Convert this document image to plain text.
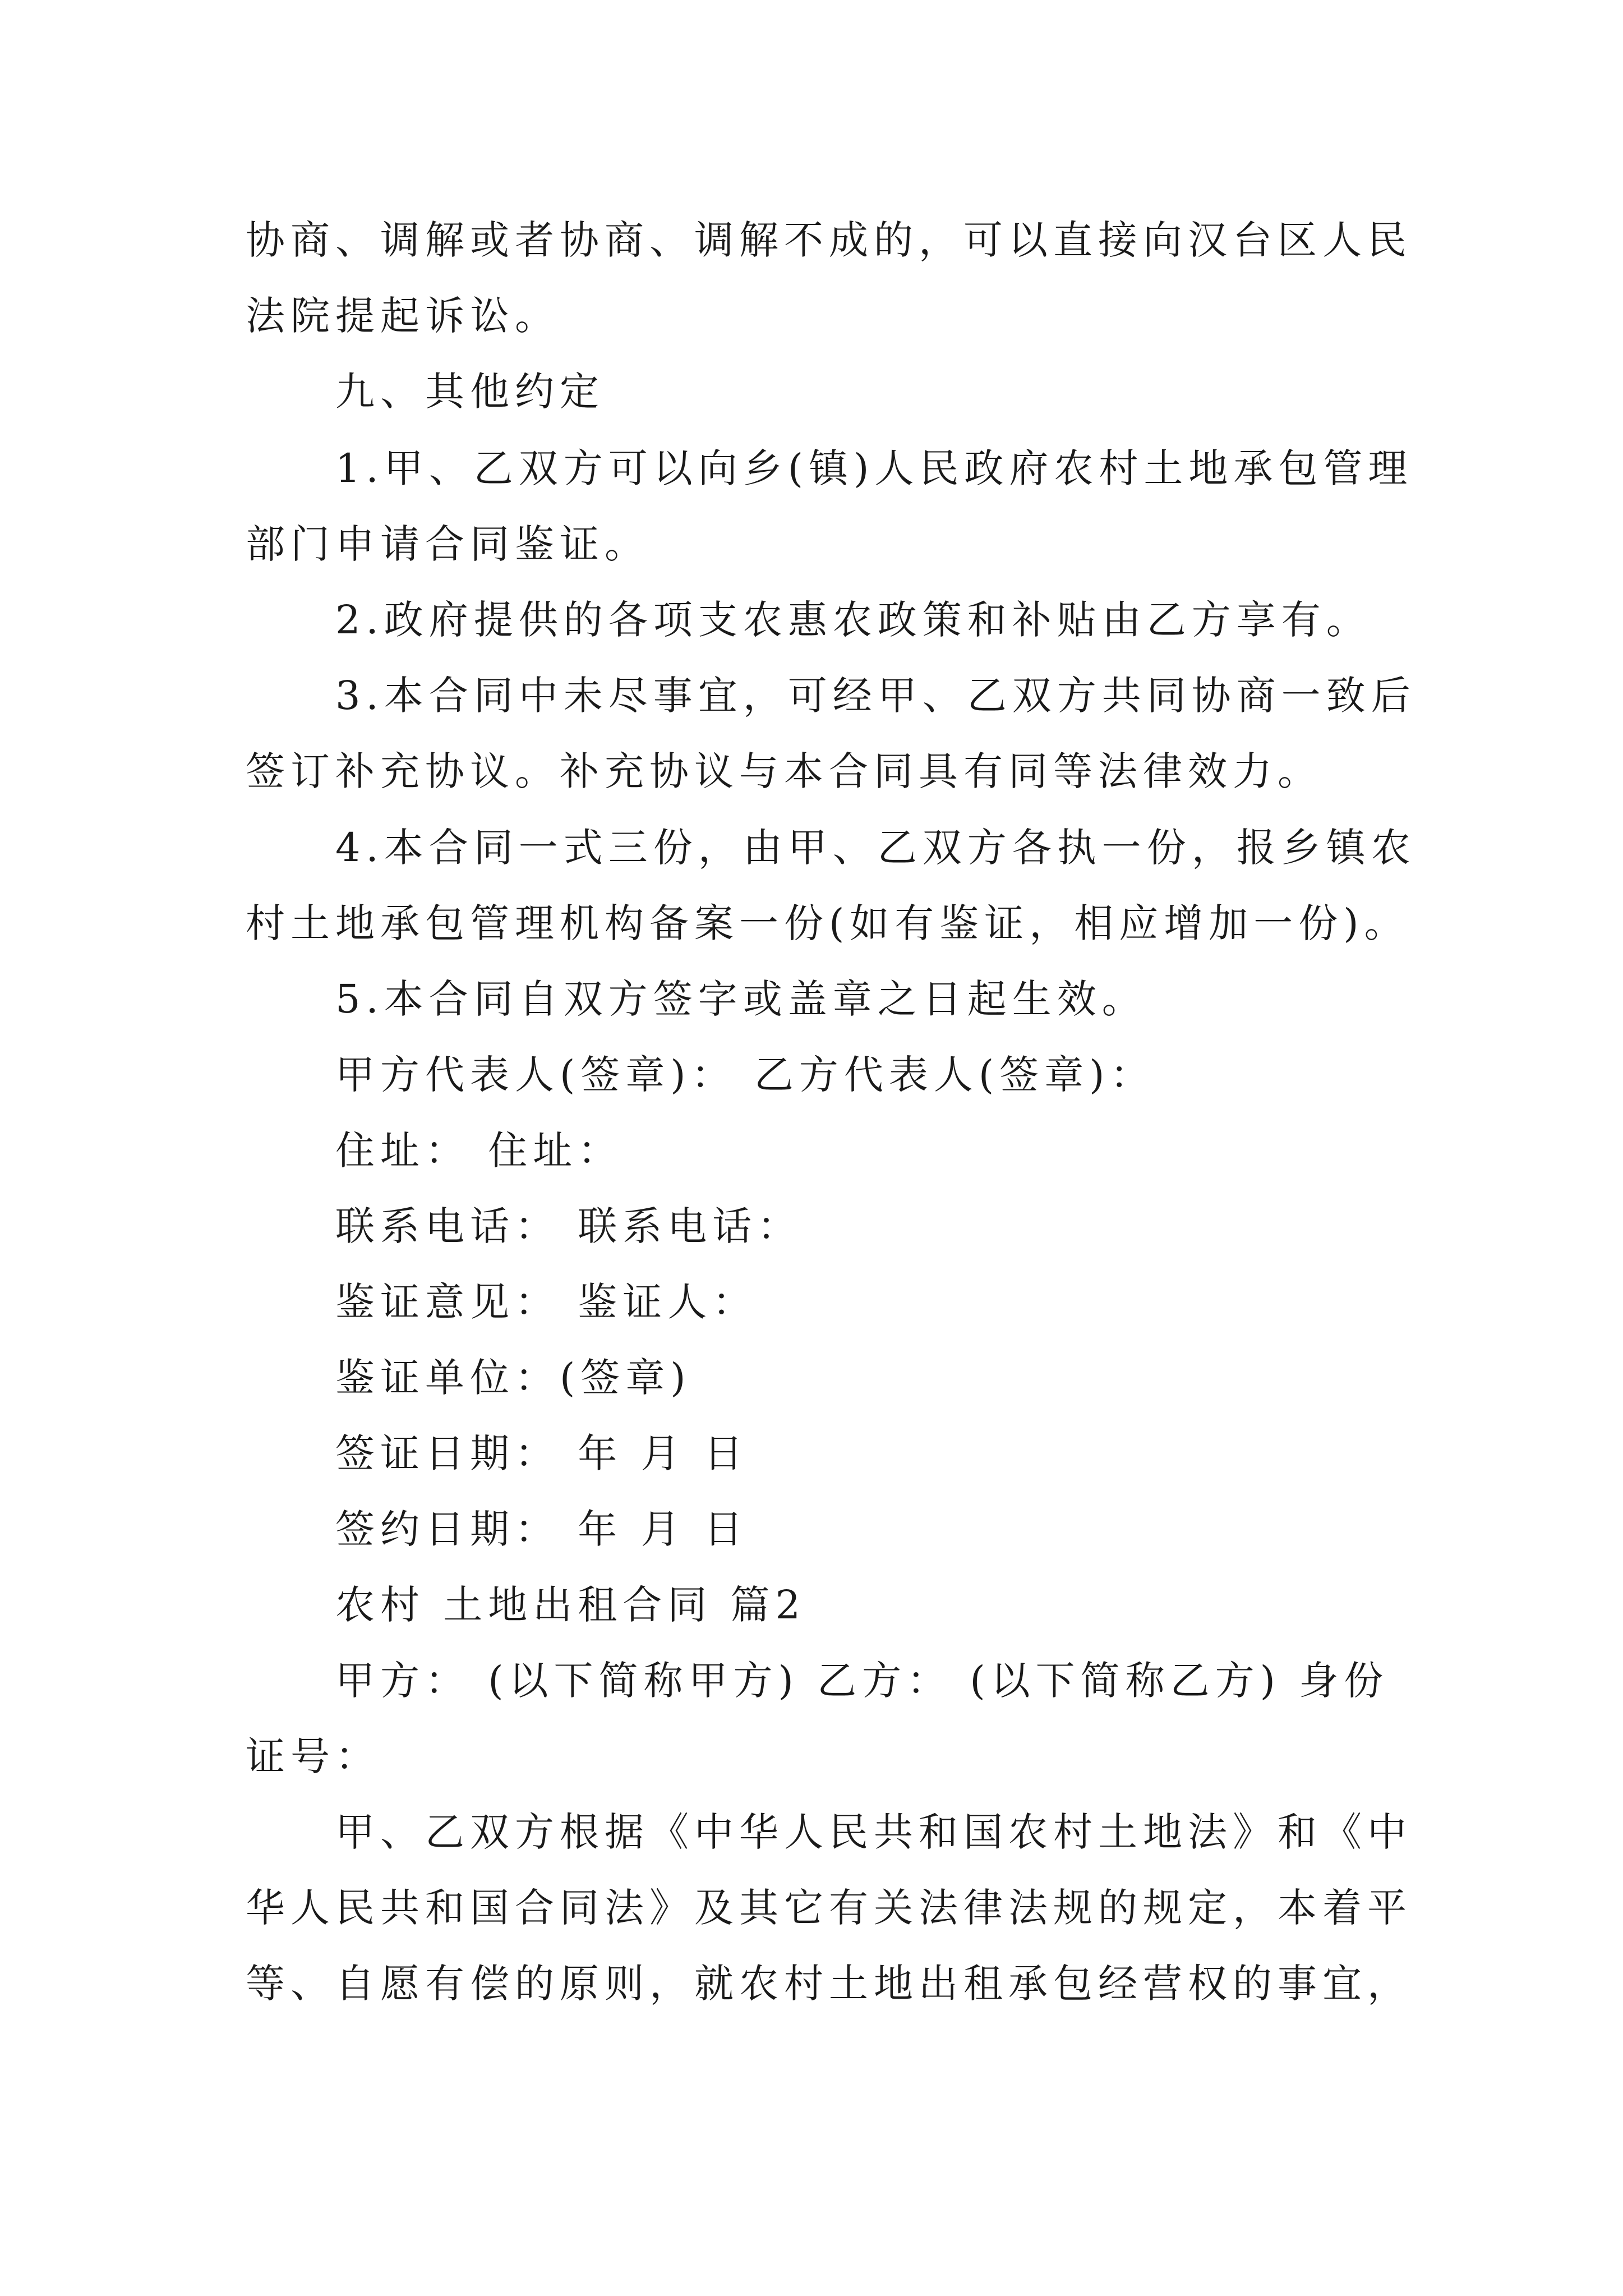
协商、调解或者协商、调解不成的，可以直接向汉台区人民
法院提起诉讼。
九、其他约定
1.甲、乙双方可以向乡(镇)人民政府农村土地承包管理
部门申请合同鉴证。
2.政府提供的各项支农惠农政策和补贴由乙方享有。
3.本合同中未尽事宜，可经甲、乙双方共同协商一致后
签订补充协议。补充协议与本合同具有同等法律效力。
4.本合同一式三份，由甲、乙双方各执一份，报乡镇农
村土地承包管理机构备案一份(如有鉴证，相应增加一份)。
5.本合同自双方签字或盖章之日起生效。
甲方代表人(签章)： 乙方代表人(签章)：
住址： 住址：
联系电话： 联系电话：
鉴证意见： 鉴证人：
鉴证单位：(签章)
签证日期： 年 月 日
签约日期： 年 月 日
农村 土地出租合同 篇2
甲方： (以下简称甲方) 乙方： (以下简称乙方) 身份
证号：
甲、乙双方根据《中华人民共和国农村土地法》和《中
华人民共和国合同法》及其它有关法律法规的规定，本着平
等、自愿有偿的原则，就农村土地出租承包经营权的事宜，
